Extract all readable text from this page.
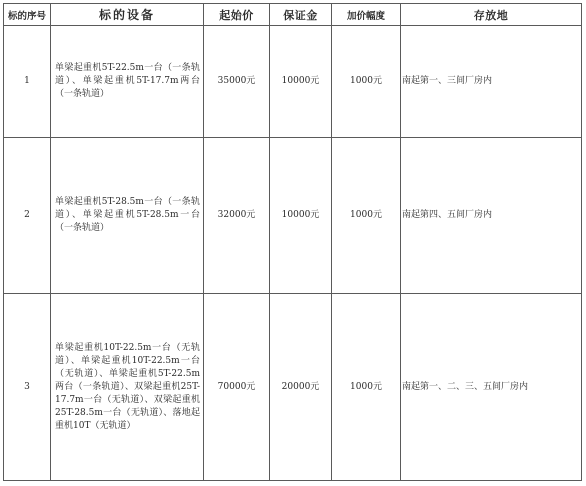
标的序号	标的设备	起始价	保证金	加价幅度	存放地
1	单梁起重机5T-22.5m一台（一条轨道）、单梁起重机5T-17.7m两台（一条轨道）	35000元	10000元	1000元	南起第一、三间厂房内
2	单梁起重机5T-28.5m一台（一条轨道）、单梁起重机5T-28.5m一台（一条轨道）	32000元	10000元	1000元	南起第四、五间厂房内
3	单梁起重机10T-22.5m一台（无轨道）、单梁起重机10T-22.5m一台（无轨道）、单梁起重机5T-22.5m两台（一条轨道）、双梁起重机25T-17.7m一台（无轨道）、双梁起重机25T-28.5m一台（无轨道）、落地起重机10T（无轨道）	70000元	20000元	1000元	南起第一、二、三、五间厂房内
